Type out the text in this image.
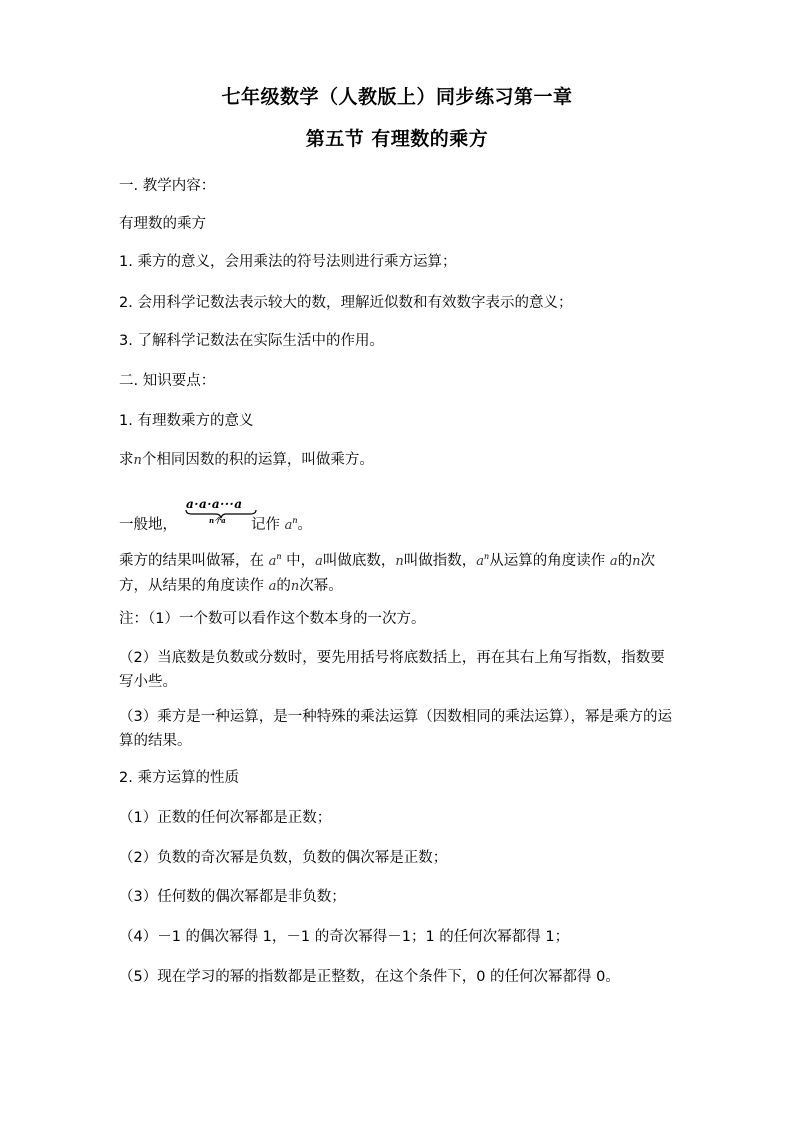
七年级数学（人教版上）同步练习第一章
第五节 有理数的乘方
一. 教学内容：
有理数的乘方
1. 乘方的意义，会用乘法的符号法则进行乘方运算；
2. 会用科学记数法表示较大的数，理解近似数和有效数字表示的意义；
3. 了解科学记数法在实际生活中的作用。
二. 知识要点：
1. 有理数乘方的意义
求n个相同因数的积的运算，叫做乘方。
a·a·a···a
n个a
一般地，	记作 $a^n$。
乘方的结果叫做幂，在 $a^n$ 中，a叫做底数，n叫做指数，$a^n$从运算的角度读作 a的n次方，从结果的角度读作 a的n次幂。
注：（1）一个数可以看作这个数本身的一次方。
（2）当底数是负数或分数时，要先用括号将底数括上，再在其右上角写指数，指数要写小些。
（3）乘方是一种运算，是一种特殊的乘法运算（因数相同的乘法运算），幂是乘方的运算的结果。
2. 乘方运算的性质
（1）正数的任何次幂都是正数；
（2）负数的奇次幂是负数，负数的偶次幂是正数；
（3）任何数的偶次幂都是非负数；
（4）－1 的偶次幂得 1，－1 的奇次幂得－1；1 的任何次幂都得 1；
（5）现在学习的幂的指数都是正整数，在这个条件下，0 的任何次幂都得 0。
